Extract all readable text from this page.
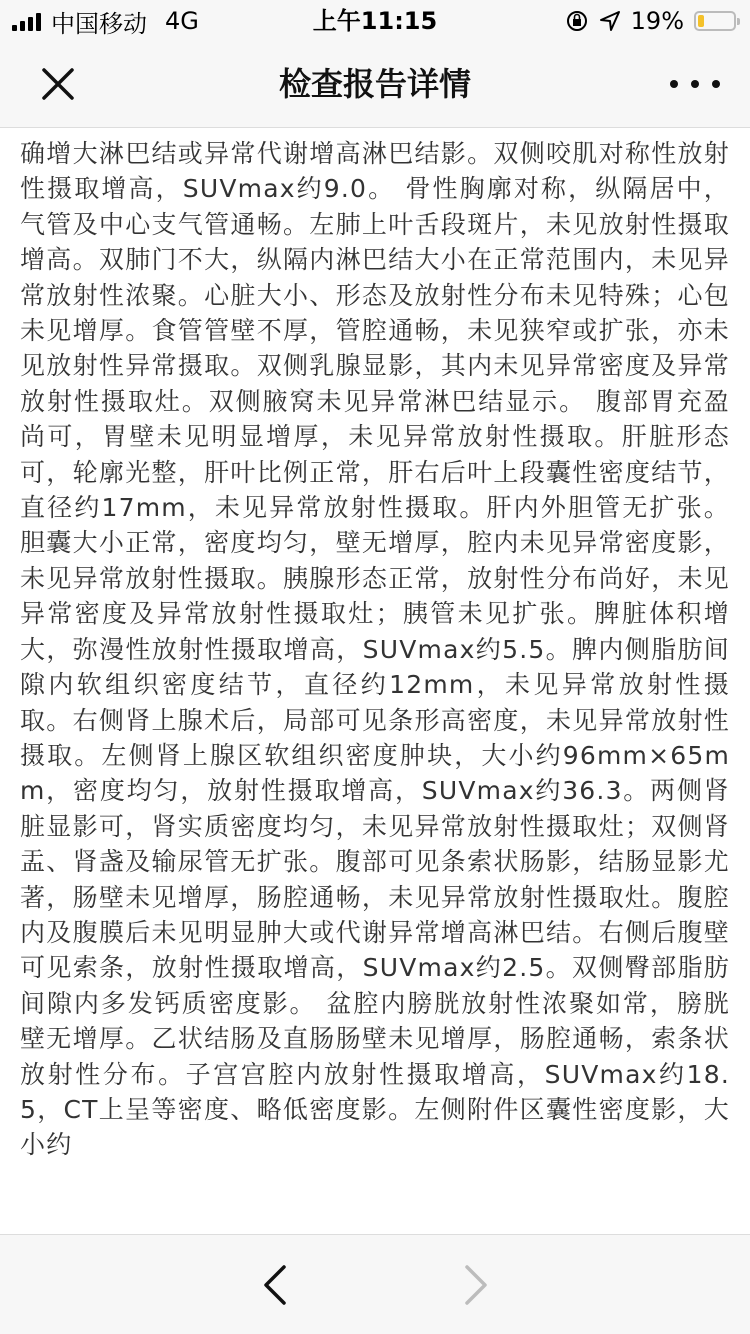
中国移动 4G	上午11:15	19%
检查报告详情

确增大淋巴结或异常代谢增高淋巴结影。双侧咬肌对称性放射性摄取增高，SUVmax约9.0。 骨性胸廓对称，纵隔居中，气管及中心支气管通畅。左肺上叶舌段斑片，未见放射性摄取增高。双肺门不大，纵隔内淋巴结大小在正常范围内，未见异常放射性浓聚。心脏大小、形态及放射性分布未见特殊；心包未见增厚。食管管壁不厚，管腔通畅，未见狭窄或扩张，亦未见放射性异常摄取。双侧乳腺显影，其内未见异常密度及异常放射性摄取灶。双侧腋窝未见异常淋巴结显示。 腹部胃充盈尚可，胃壁未见明显增厚，未见异常放射性摄取。肝脏形态可，轮廓光整，肝叶比例正常，肝右后叶上段囊性密度结节，直径约17mm，未见异常放射性摄取。肝内外胆管无扩张。胆囊大小正常，密度均匀，壁无增厚，腔内未见异常密度影，未见异常放射性摄取。胰腺形态正常，放射性分布尚好，未见异常密度及异常放射性摄取灶；胰管未见扩张。脾脏体积增大，弥漫性放射性摄取增高，SUVmax约5.5。脾内侧脂肪间隙内软组织密度结节，直径约12mm，未见异常放射性摄取。右侧肾上腺术后，局部可见条形高密度，未见异常放射性摄取。左侧肾上腺区软组织密度肿块，大小约96mm×65mm，密度均匀，放射性摄取增高，SUVmax约36.3。两侧肾脏显影可，肾实质密度均匀，未见异常放射性摄取灶；双侧肾盂、肾盏及输尿管无扩张。腹部可见条索状肠影，结肠显影尤著，肠壁未见增厚，肠腔通畅，未见异常放射性摄取灶。腹腔内及腹膜后未见明显肿大或代谢异常增高淋巴结。右侧后腹壁可见索条，放射性摄取增高，SUVmax约2.5。双侧臀部脂肪间隙内多发钙质密度影。 盆腔内膀胱放射性浓聚如常，膀胱壁无增厚。乙状结肠及直肠肠壁未见增厚，肠腔通畅，索条状放射性分布。子宫宫腔内放射性摄取增高，SUVmax约18.5，CT上呈等密度、略低密度影。左侧附件区囊性密度影，大小约
